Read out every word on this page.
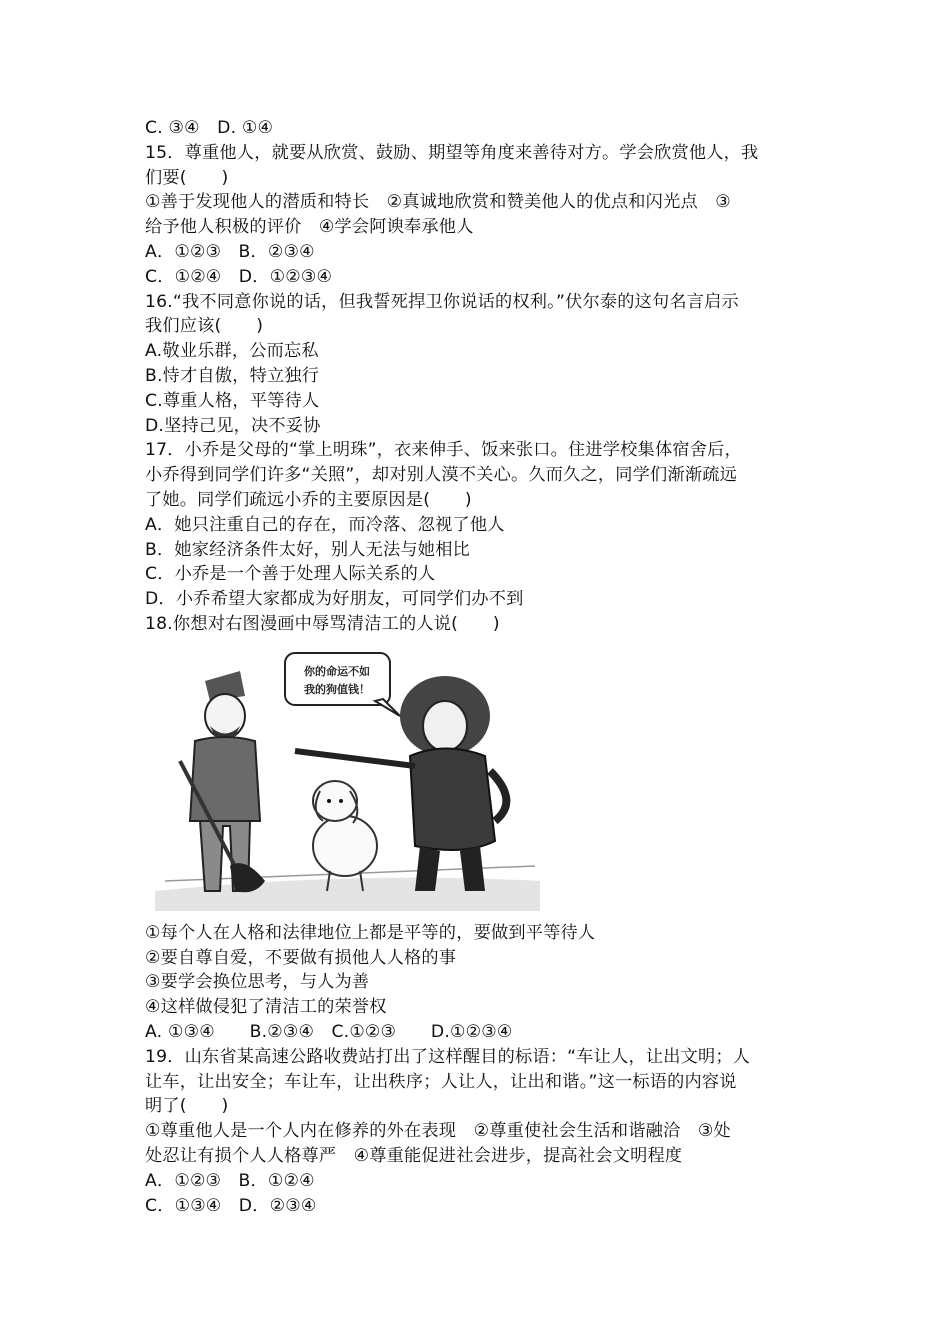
C. ③④　D. ①④
15．尊重他人，就要从欣赏、鼓励、期望等角度来善待对方。学会欣赏他人，我
们要(　　)
①善于发现他人的潜质和特长　②真诚地欣赏和赞美他人的优点和闪光点　③
给予他人积极的评价　④学会阿谀奉承他人
A．①②③　B．②③④
C．①②④　D．①②③④
16.“我不同意你说的话，但我誓死捍卫你说话的权利。”伏尔泰的这句名言启示
我们应该(　　)
A.敬业乐群，公而忘私
B.恃才自傲，特立独行
C.尊重人格，平等待人
D.坚持己见，决不妥协
17．小乔是父母的“掌上明珠”，衣来伸手、饭来张口。住进学校集体宿舍后，
小乔得到同学们许多“关照”，却对别人漠不关心。久而久之，同学们渐渐疏远
了她。同学们疏远小乔的主要原因是(　　)
A．她只注重自己的存在，而冷落、忽视了他人
B．她家经济条件太好，别人无法与她相比
C．小乔是一个善于处理人际关系的人
D．小乔希望大家都成为好朋友，可同学们办不到
18.你想对右图漫画中辱骂清洁工的人说(　　)
你的命运不如
我的狗值钱！
①每个人在人格和法律地位上都是平等的，要做到平等待人
②要自尊自爱，不要做有损他人人格的事
③要学会换位思考，与人为善
④这样做侵犯了清洁工的荣誉权
A. ①③④　　B.②③④　C.①②③　　D.①②③④
19．山东省某高速公路收费站打出了这样醒目的标语：“车让人，让出文明；人
让车，让出安全；车让车，让出秩序；人让人，让出和谐。”这一标语的内容说
明了(　　)
①尊重他人是一个人内在修养的外在表现　②尊重使社会生活和谐融洽　③处
处忍让有损个人人格尊严　④尊重能促进社会进步，提高社会文明程度
A．①②③　B．①②④
C．①③④　D．②③④
